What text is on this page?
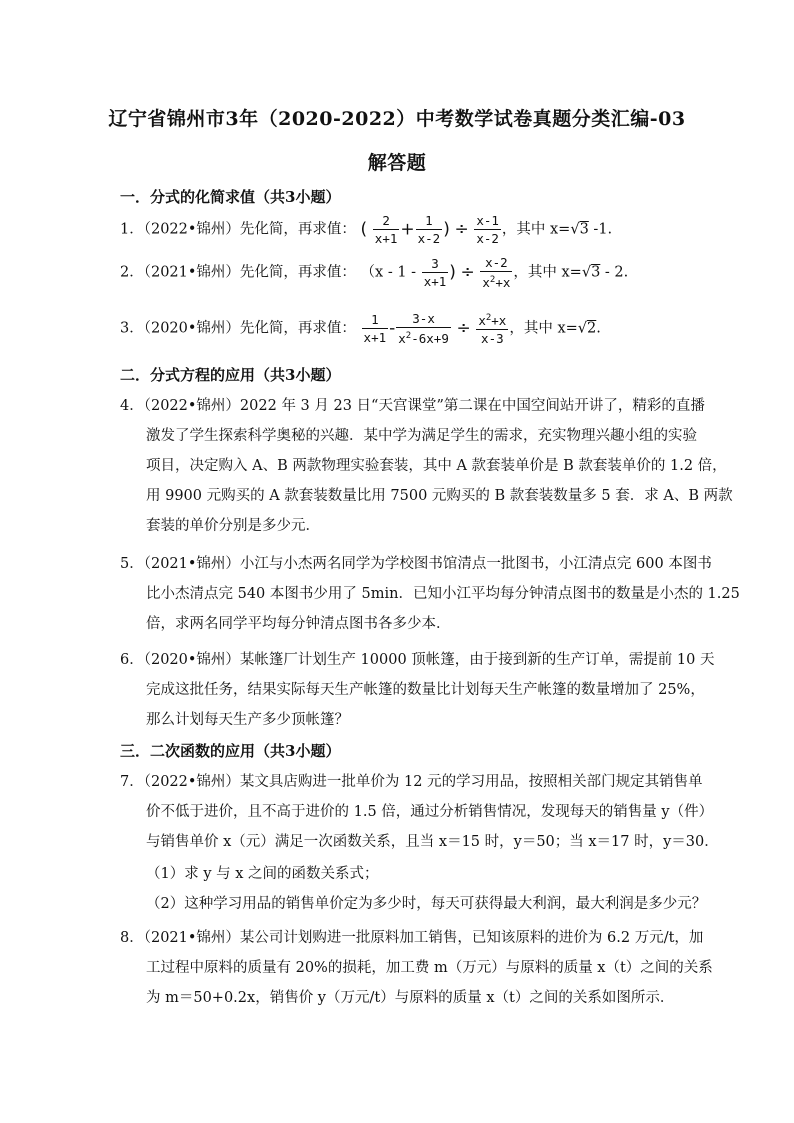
辽宁省锦州市3年（2020-2022）中考数学试卷真题分类汇编-03
解答题
一．分式的化简求值（共3小题）
1．（2022•锦州）先化简，再求值： ( $\frac{2}{x+1} + \frac{1}{x-2}$ ) ÷ $\frac{x-1}{x-2}$ ，其中 x=√3 -1.
2．（2021•锦州）先化简，再求值： （$x - 1 - \frac{3}{x+1}$ ) ÷ $\frac{x-2}{x^2+x}$ ，其中 x=√3 - 2.
3．（2020•锦州）先化简，再求值： $\frac{1}{x+1} - \frac{3-x}{x^2-6x+9} \div \frac{x^2+x}{x-3}$ ，其中 x=√2.
二．分式方程的应用（共3小题）
4．（2022•锦州）2022 年 3 月 23 日“天宫课堂”第二课在中国空间站开讲了，精彩的直播
激发了学生探索科学奥秘的兴趣．某中学为满足学生的需求，充实物理兴趣小组的实验
项目，决定购入 A、B 两款物理实验套装，其中 A 款套装单价是 B 款套装单价的 1.2 倍，
用 9900 元购买的 A 款套装数量比用 7500 元购买的 B 款套装数量多 5 套．求 A、B 两款
套装的单价分别是多少元．
5．（2021•锦州）小江与小杰两名同学为学校图书馆清点一批图书，小江清点完 600 本图书
比小杰清点完 540 本图书少用了 5min．已知小江平均每分钟清点图书的数量是小杰的 1.25
倍，求两名同学平均每分钟清点图书各多少本．
6．（2020•锦州）某帐篷厂计划生产 10000 顶帐篷，由于接到新的生产订单，需提前 10 天
完成这批任务，结果实际每天生产帐篷的数量比计划每天生产帐篷的数量增加了 25%，
那么计划每天生产多少顶帐篷？
三．二次函数的应用（共3小题）
7．（2022•锦州）某文具店购进一批单价为 12 元的学习用品，按照相关部门规定其销售单
价不低于进价，且不高于进价的 1.5 倍，通过分析销售情况，发现每天的销售量 y（件）
与销售单价 x（元）满足一次函数关系，且当 x＝15 时，y＝50；当 x＝17 时，y＝30．
（1）求 y 与 x 之间的函数关系式；
（2）这种学习用品的销售单价定为多少时，每天可获得最大利润，最大利润是多少元？
8．（2021•锦州）某公司计划购进一批原料加工销售，已知该原料的进价为 6.2 万元/t，加
工过程中原料的质量有 20%的损耗，加工费 m（万元）与原料的质量 x（t）之间的关系
为 m＝50+0.2x，销售价 y（万元/t）与原料的质量 x（t）之间的关系如图所示．
